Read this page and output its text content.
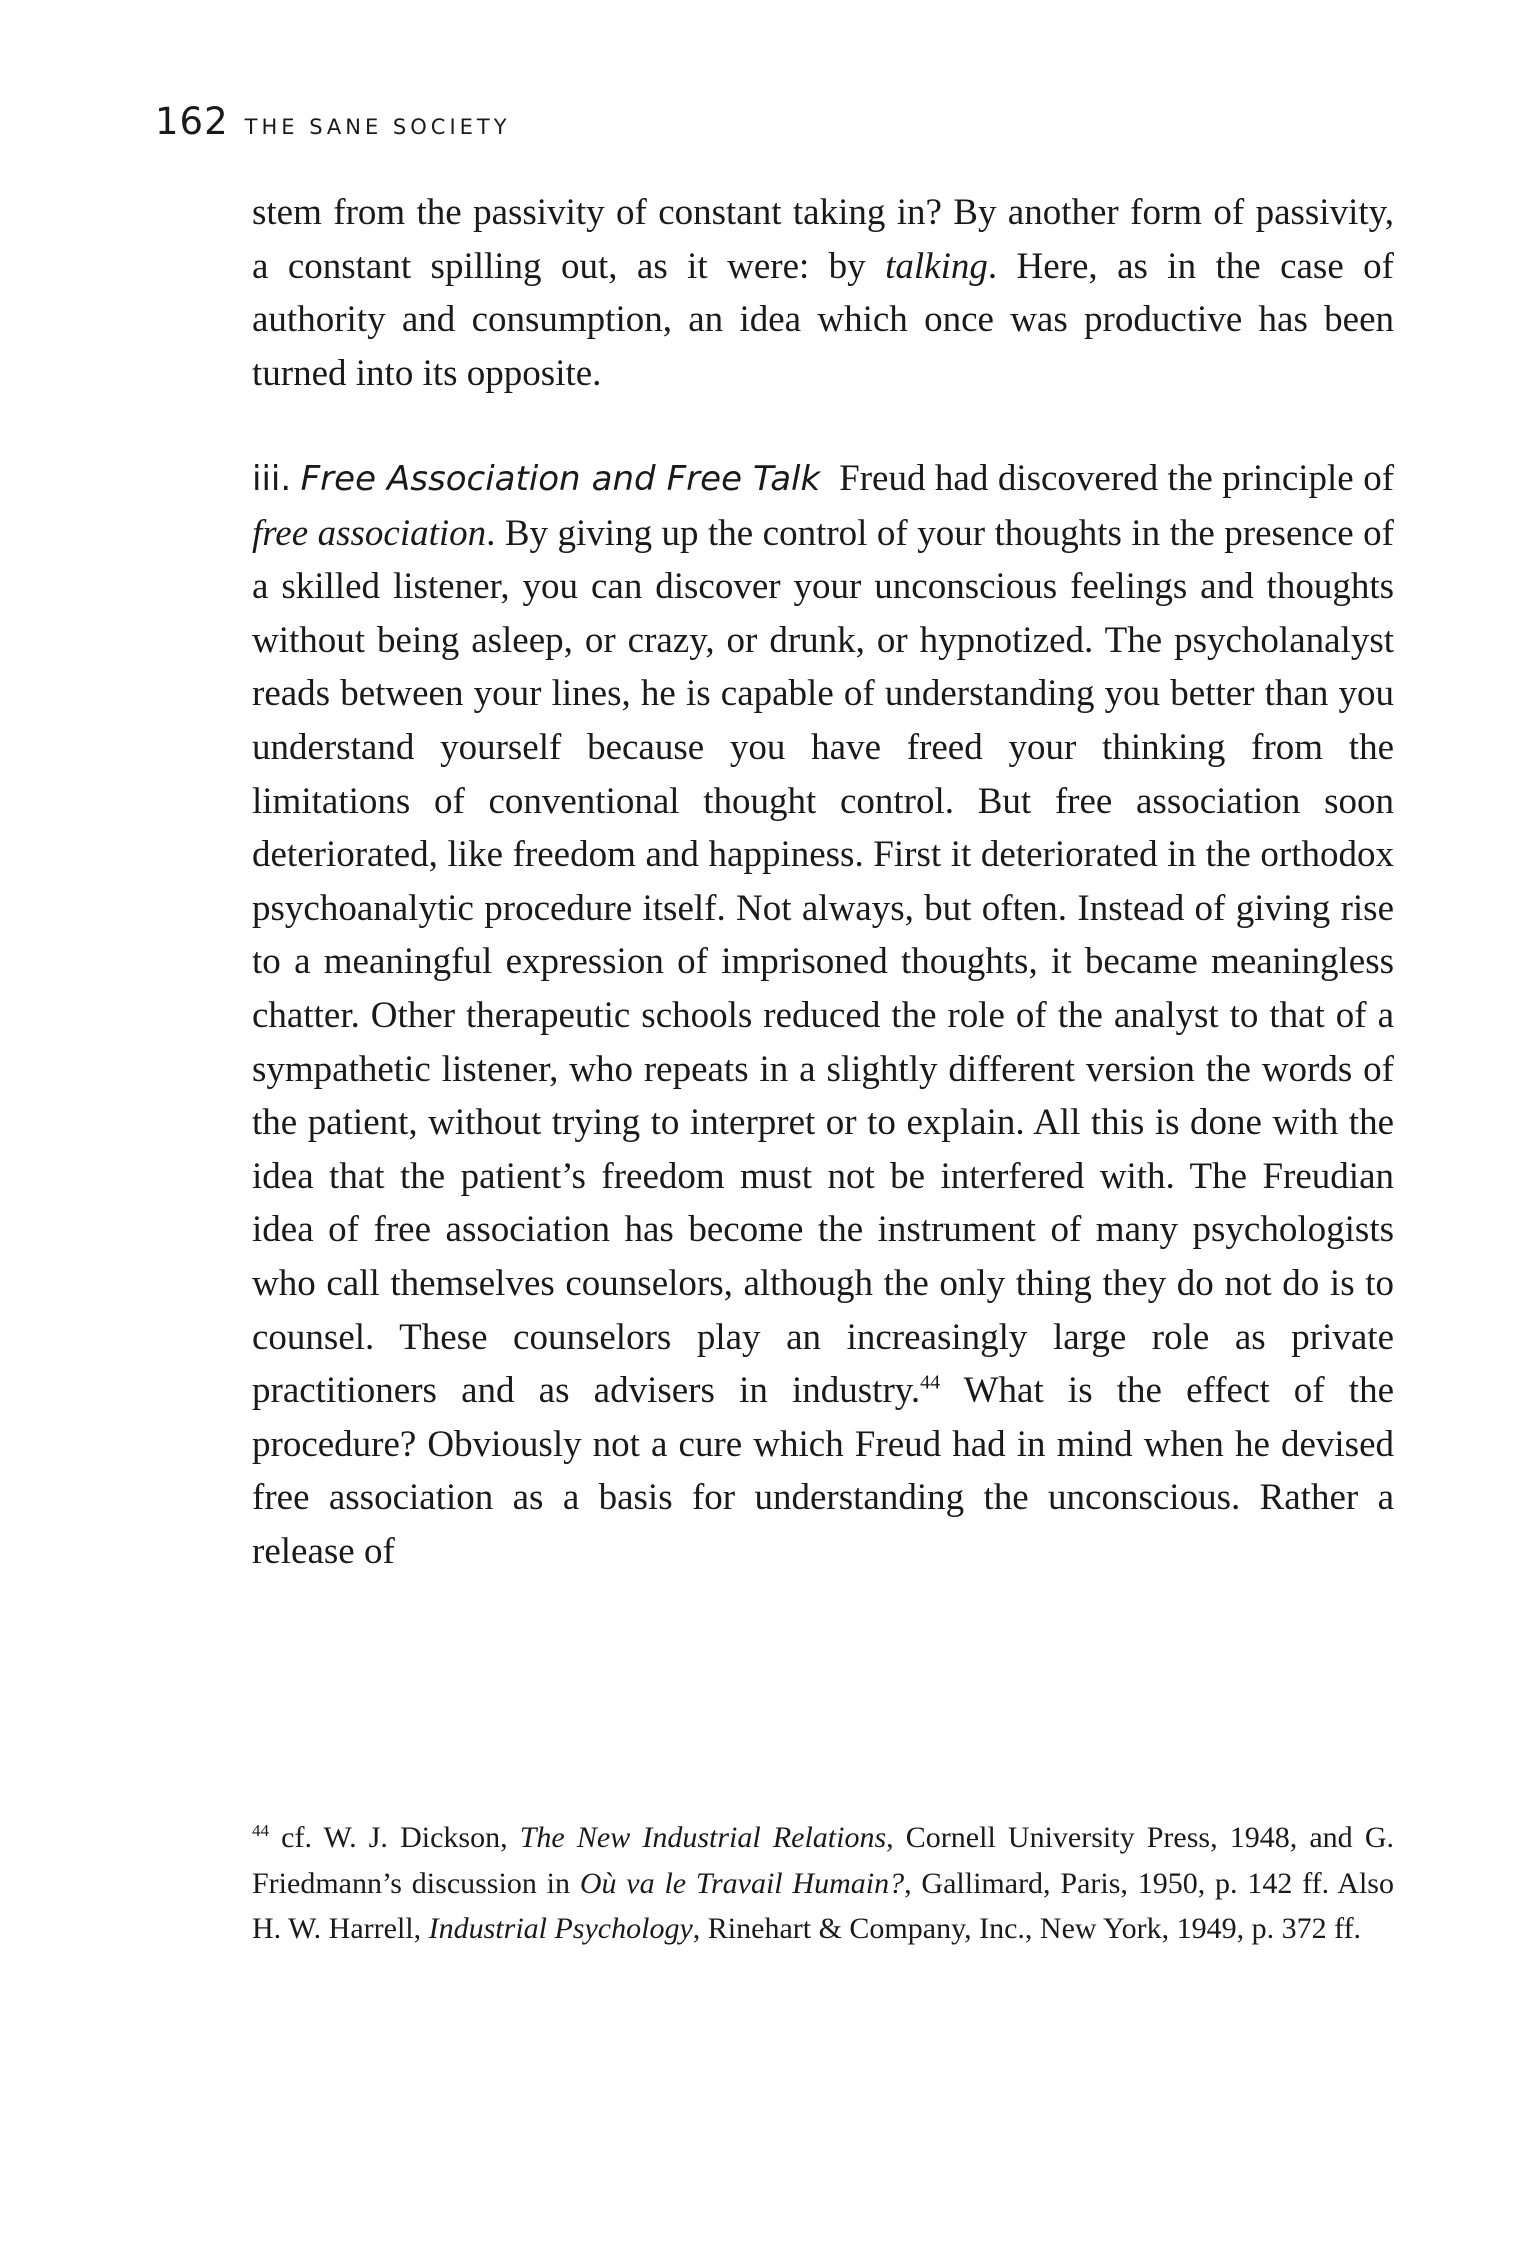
162 THE SANE SOCIETY

stem from the passivity of constant taking in? By another form of passivity, a constant spilling out, as it were: by talking. Here, as in the case of authority and consumption, an idea which once was productive has been turned into its opposite.

iii. Free Association and Free Talk Freud had discovered the principle of free association. By giving up the control of your thoughts in the presence of a skilled listener, you can discover your unconscious feelings and thoughts without being asleep, or crazy, or drunk, or hypnotized. The psycholanalyst reads between your lines, he is capable of understanding you better than you understand yourself because you have freed your thinking from the limitations of conventional thought control. But free association soon deteriorated, like freedom and happiness. First it deteriorated in the orthodox psychoanalytic procedure itself. Not always, but often. Instead of giving rise to a meaningful expression of imprisoned thoughts, it became meaningless chatter. Other therapeutic schools reduced the role of the analyst to that of a sympathetic listener, who repeats in a slightly different version the words of the patient, without trying to interpret or to explain. All this is done with the idea that the patient’s freedom must not be interfered with. The Freudian idea of free association has become the instrument of many psychologists who call themselves counselors, although the only thing they do not do is to counsel. These counselors play an increasingly large role as private practitioners and as advisers in industry.$^{44}$ What is the effect of the procedure? Obviously not a cure which Freud had in mind when he devised free association as a basis for understanding the unconscious. Rather a release of

$^{44}$ cf. W. J. Dickson, The New Industrial Relations, Cornell University Press, 1948, and G. Friedmann’s discussion in Où va le Travail Humain?, Gallimard, Paris, 1950, p. 142 ff. Also H. W. Harrell, Industrial Psychology, Rinehart & Company, Inc., New York, 1949, p. 372 ff.
